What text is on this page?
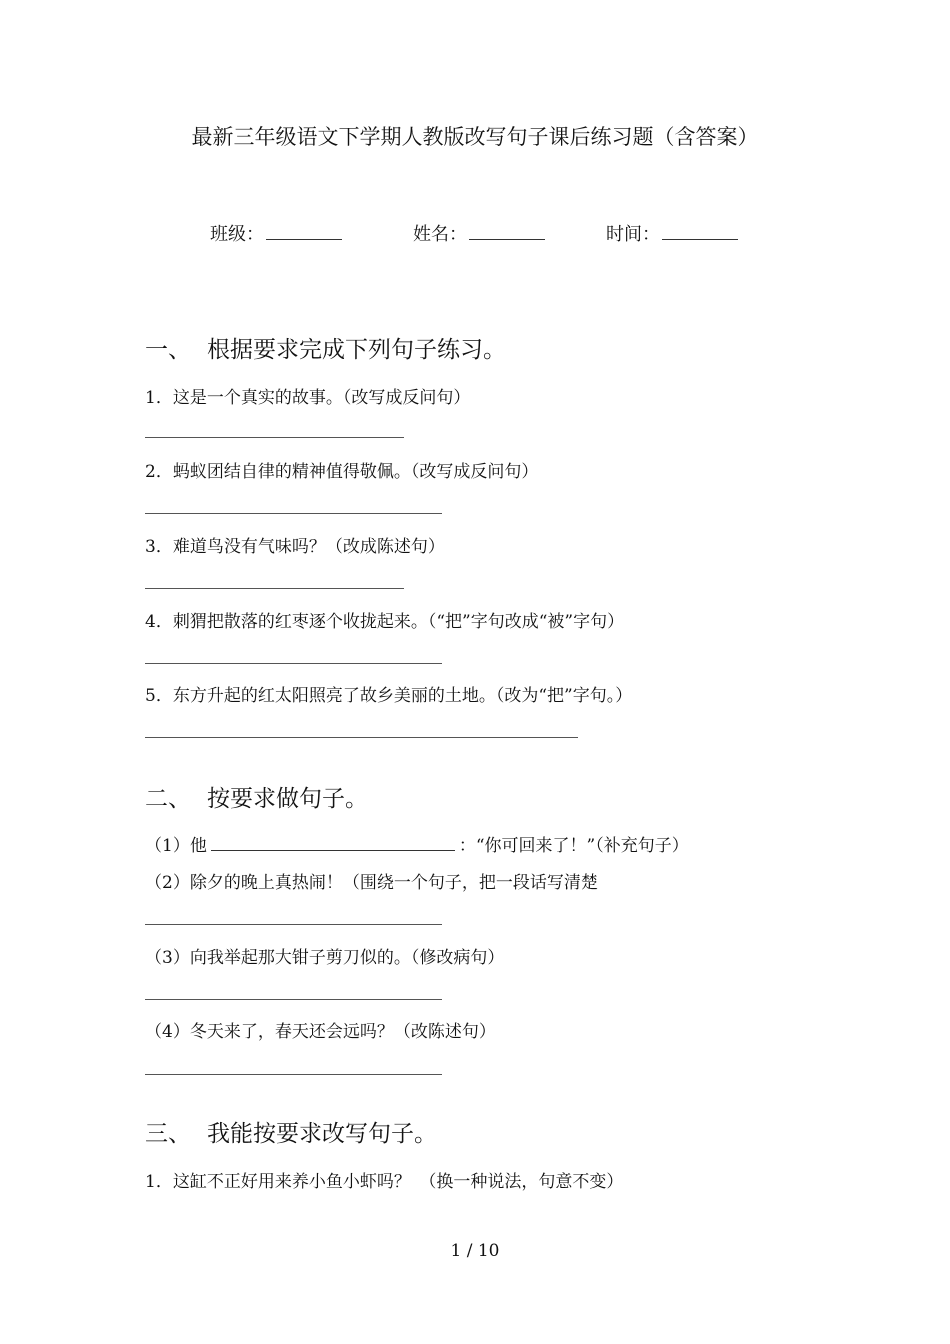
最新三年级语文下学期人教版改写句子课后练习题（含答案）
班级：	姓名：	时间：
一、 根据要求完成下列句子练习。
1．这是一个真实的故事。（改写成反问句）
2．蚂蚁团结自律的精神值得敬佩。（改写成反问句）
3．难道鸟没有气味吗？（改成陈述句）
4．刺猬把散落的红枣逐个收拢起来。（“把”字句改成“被”字句）
5．东方升起的红太阳照亮了故乡美丽的土地。（改为“把”字句。）
二、 按要求做句子。
（1）他	：“你可回来了！”（补充句子）
（2）除夕的晚上真热闹！（围绕一个句子，把一段话写清楚
（3）向我举起那大钳子剪刀似的。（修改病句）
（4）冬天来了，春天还会远吗？（改陈述句）
三、 我能按要求改写句子。
1．这缸不正好用来养小鱼小虾吗？　（换一种说法，句意不变）
1 / 10
